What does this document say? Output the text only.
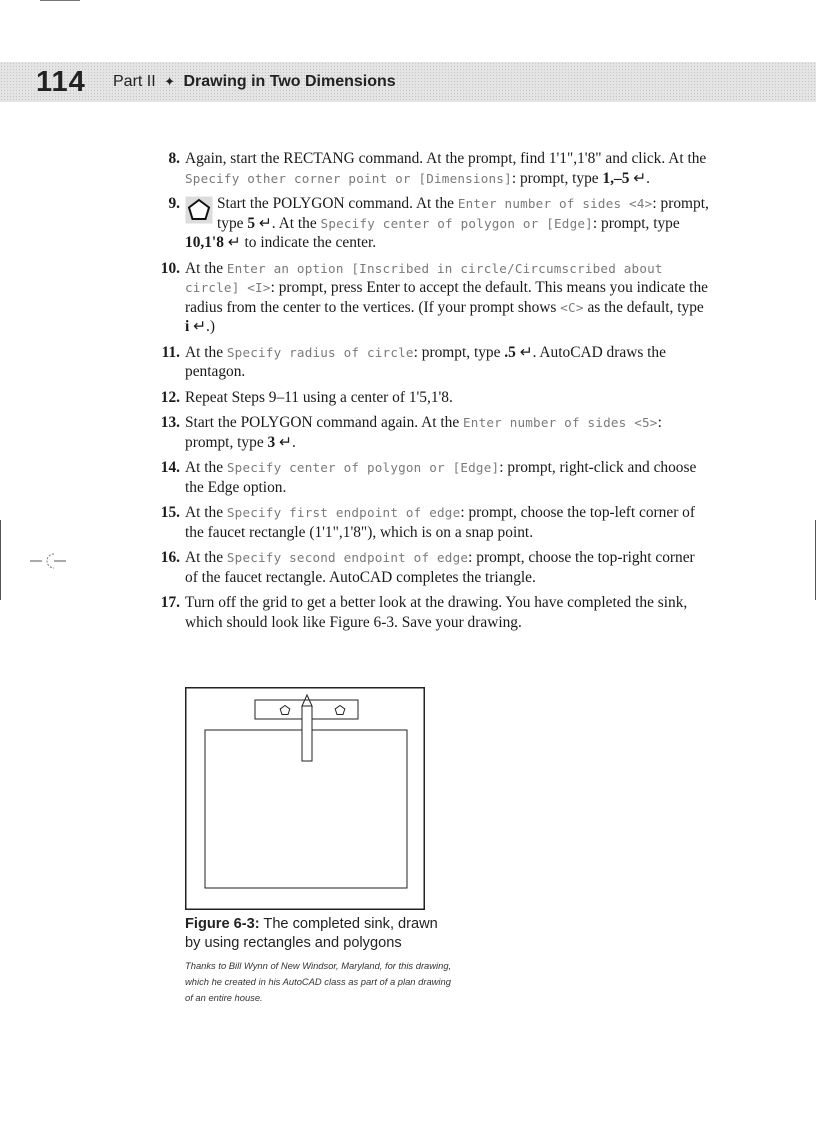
114 Part II ✦ Drawing in Two Dimensions
8. Again, start the RECTANG command. At the prompt, find 1'1",1'8" and click. At the Specify other corner point or [Dimensions]: prompt, type 1,–5 ↵.
9. Start the POLYGON command. At the Enter number of sides <4>: prompt, type 5 ↵. At the Specify center of polygon or [Edge]: prompt, type 10,1'8 ↵ to indicate the center.
10. At the Enter an option [Inscribed in circle/Circumscribed about circle] <I>: prompt, press Enter to accept the default. This means you indicate the radius from the center to the vertices. (If your prompt shows <C> as the default, type i ↵.)
11. At the Specify radius of circle: prompt, type .5 ↵. AutoCAD draws the pentagon.
12. Repeat Steps 9–11 using a center of 1'5,1'8.
13. Start the POLYGON command again. At the Enter number of sides <5>: prompt, type 3 ↵.
14. At the Specify center of polygon or [Edge]: prompt, right-click and choose the Edge option.
15. At the Specify first endpoint of edge: prompt, choose the top-left corner of the faucet rectangle (1'1",1'8"), which is on a snap point.
16. At the Specify second endpoint of edge: prompt, choose the top-right corner of the faucet rectangle. AutoCAD completes the triangle.
17. Turn off the grid to get a better look at the drawing. You have completed the sink, which should look like Figure 6-3. Save your drawing.
Figure 6-3: The completed sink, drawn by using rectangles and polygons
Thanks to Bill Wynn of New Windsor, Maryland, for this drawing, which he created in his AutoCAD class as part of a plan drawing of an entire house.
